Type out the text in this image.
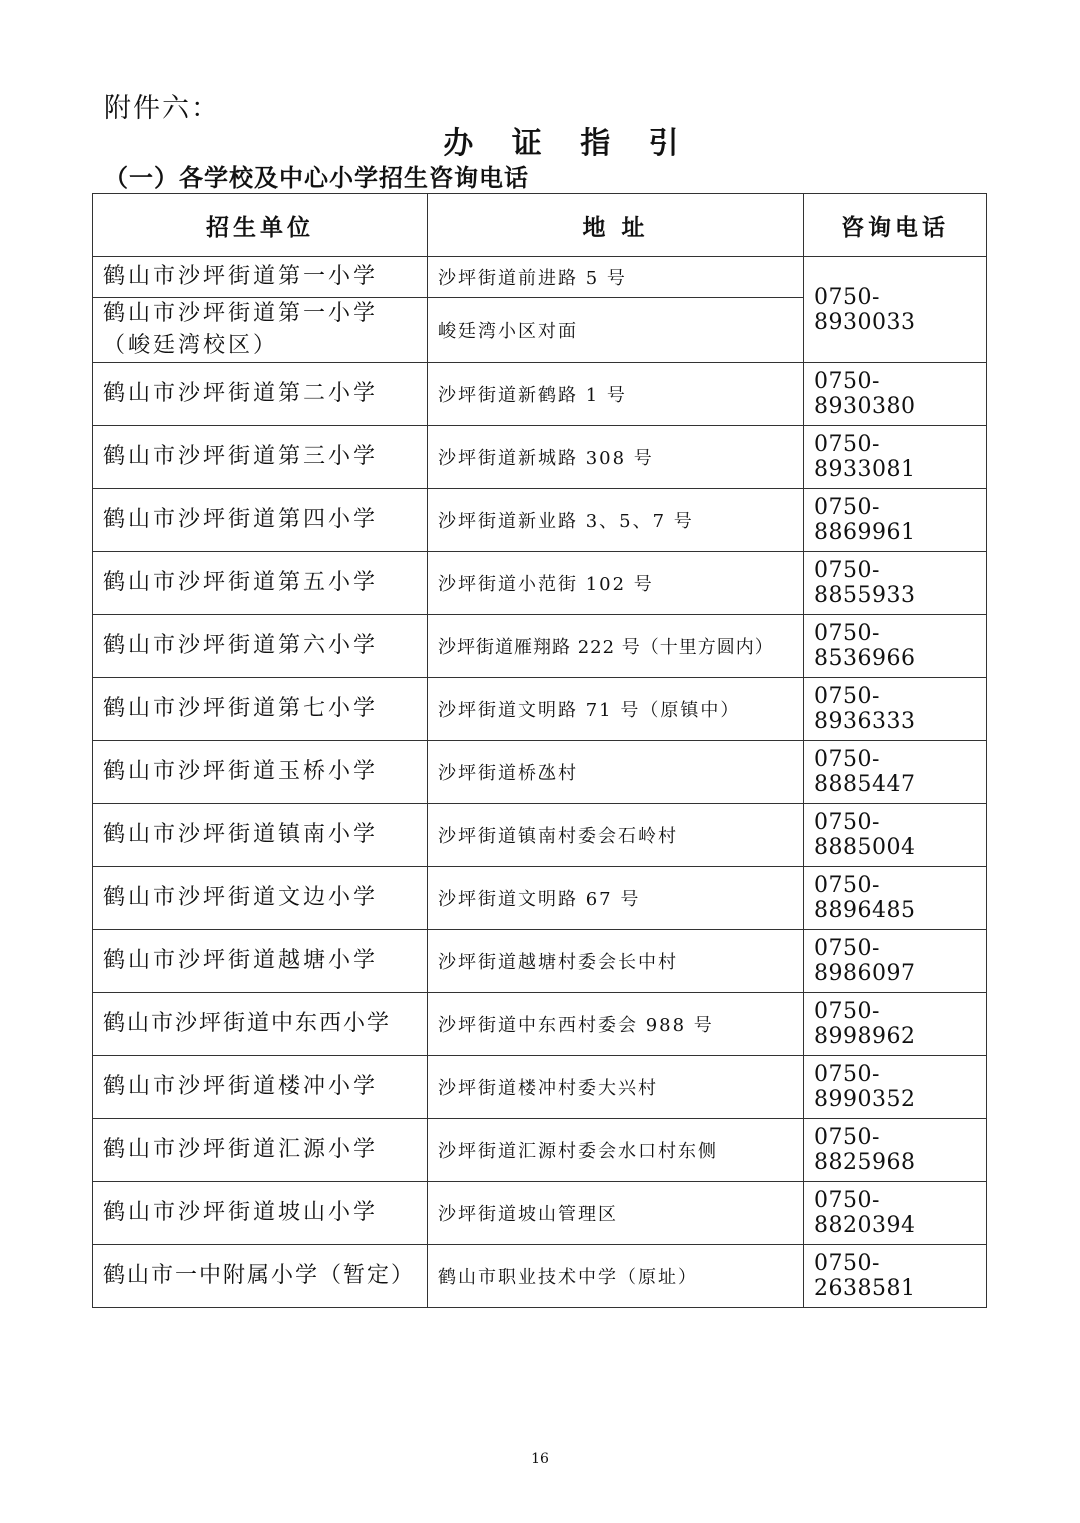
附件六：

办 证 指 引
（一）各学校及中心小学招生咨询电话
招生单位	地 址	咨询电话
鹤山市沙坪街道第一小学	沙坪街道前进路 5 号	0750-8930033
鹤山市沙坪街道第一小学（峻廷湾校区）	峻廷湾小区对面	
鹤山市沙坪街道第二小学	沙坪街道新鹤路 1 号	0750-8930380
鹤山市沙坪街道第三小学	沙坪街道新城路 308 号	0750-8933081
鹤山市沙坪街道第四小学	沙坪街道新业路 3、5、7 号	0750-8869961
鹤山市沙坪街道第五小学	沙坪街道小范街 102 号	0750-8855933
鹤山市沙坪街道第六小学	沙坪街道雁翔路 222 号（十里方圆内）	0750-8536966
鹤山市沙坪街道第七小学	沙坪街道文明路 71 号（原镇中）	0750-8936333
鹤山市沙坪街道玉桥小学	沙坪街道桥氹村	0750-8885447
鹤山市沙坪街道镇南小学	沙坪街道镇南村委会石岭村	0750-8885004
鹤山市沙坪街道文边小学	沙坪街道文明路 67 号	0750-8896485
鹤山市沙坪街道越塘小学	沙坪街道越塘村委会长中村	0750-8986097
鹤山市沙坪街道中东西小学	沙坪街道中东西村委会 988 号	0750-8998962
鹤山市沙坪街道楼冲小学	沙坪街道楼冲村委大兴村	0750-8990352
鹤山市沙坪街道汇源小学	沙坪街道汇源村委会水口村东侧	0750-8825968
鹤山市沙坪街道坡山小学	沙坪街道坡山管理区	0750-8820394
鹤山市一中附属小学（暂定）	鹤山市职业技术中学（原址）	0750-2638581
16
